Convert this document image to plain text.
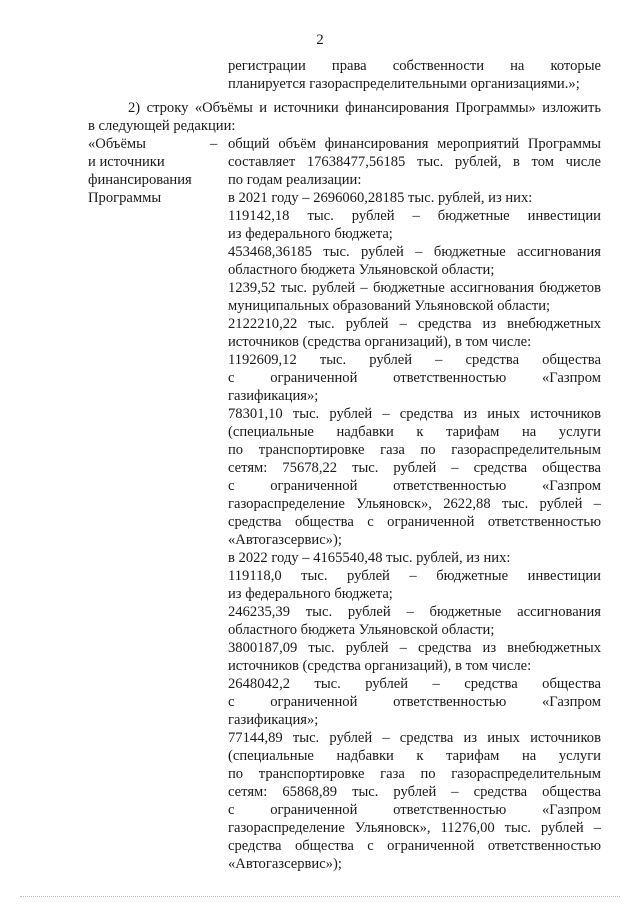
2
регистрации права собственности на которые
планируется газораспределительными организациями.»;
2) строку «Объёмы и источники финансирования Программы» изложить
в следующей редакции:
общий объём финансирования мероприятий Программы
составляет 17638477,56185 тыс. рублей, в том числе
по годам реализации:
в 2021 году – 2696060,28185 тыс. рублей, из них:
119142,18 тыс. рублей – бюджетные инвестиции
из федерального бюджета;
453468,36185 тыс. рублей – бюджетные ассигнования
областного бюджета Ульяновской области;
1239,52 тыс. рублей – бюджетные ассигнования бюджетов
муниципальных образований Ульяновской области;
2122210,22 тыс. рублей – средства из внебюджетных
источников (средства организаций), в том числе:
1192609,12 тыс. рублей – средства общества
с ограниченной ответственностью «Газпром
газификация»;
78301,10 тыс. рублей – средства из иных источников
(специальные надбавки к тарифам на услуги
по транспортировке газа по газораспределительным
сетям: 75678,22 тыс. рублей – средства общества
с ограниченной ответственностью «Газпром
газораспределение Ульяновск», 2622,88 тыс. рублей –
средства общества с ограниченной ответственностью
«Автогазсервис»);
в 2022 году – 4165540,48 тыс. рублей, из них:
119118,0 тыс. рублей – бюджетные инвестиции
из федерального бюджета;
246235,39 тыс. рублей – бюджетные ассигнования
областного бюджета Ульяновской области;
3800187,09 тыс. рублей – средства из внебюджетных
источников (средства организаций), в том числе:
2648042,2 тыс. рублей – средства общества
с ограниченной ответственностью «Газпром
газификация»;
77144,89 тыс. рублей – средства из иных источников
(специальные надбавки к тарифам на услуги
по транспортировке газа по газораспределительным
сетям: 65868,89 тыс. рублей – средства общества
с ограниченной ответственностью «Газпром
газораспределение Ульяновск», 11276,00 тыс. рублей –
средства общества с ограниченной ответственностью
«Автогазсервис»);
«Объёмы
и источники
финансирования
Программы
–
